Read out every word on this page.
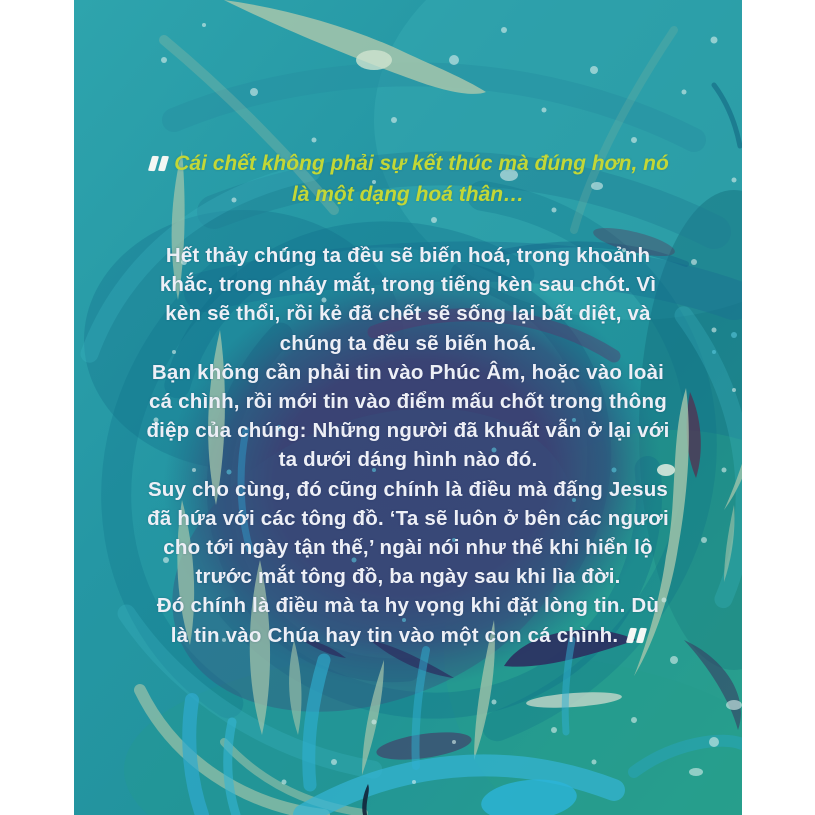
Cái chết không phải sự kết thúc mà đúng hơn, nó
là một dạng hoá thân…
Hết thảy chúng ta đều sẽ biến hoá, trong khoảnh
khắc, trong nháy mắt, trong tiếng kèn sau chót. Vì
kèn sẽ thổi, rồi kẻ đã chết sẽ sống lại bất diệt, và
chúng ta đều sẽ biến hoá.
Bạn không cần phải tin vào Phúc Âm, hoặc vào loài
cá chình, rồi mới tin vào điểm mấu chốt trong thông
điệp của chúng: Những người đã khuất vẫn ở lại với
ta dưới dáng hình nào đó.
Suy cho cùng, đó cũng chính là điều mà đấng Jesus
đã hứa với các tông đồ. ‘Ta sẽ luôn ở bên các ngươi
cho tới ngày tận thế,’ ngài nói như thế khi hiển lộ
trước mắt tông đồ, ba ngày sau khi lìa đời.
Đó chính là điều mà ta hy vọng khi đặt lòng tin. Dù
là tin vào Chúa hay tin vào một con cá chình.
